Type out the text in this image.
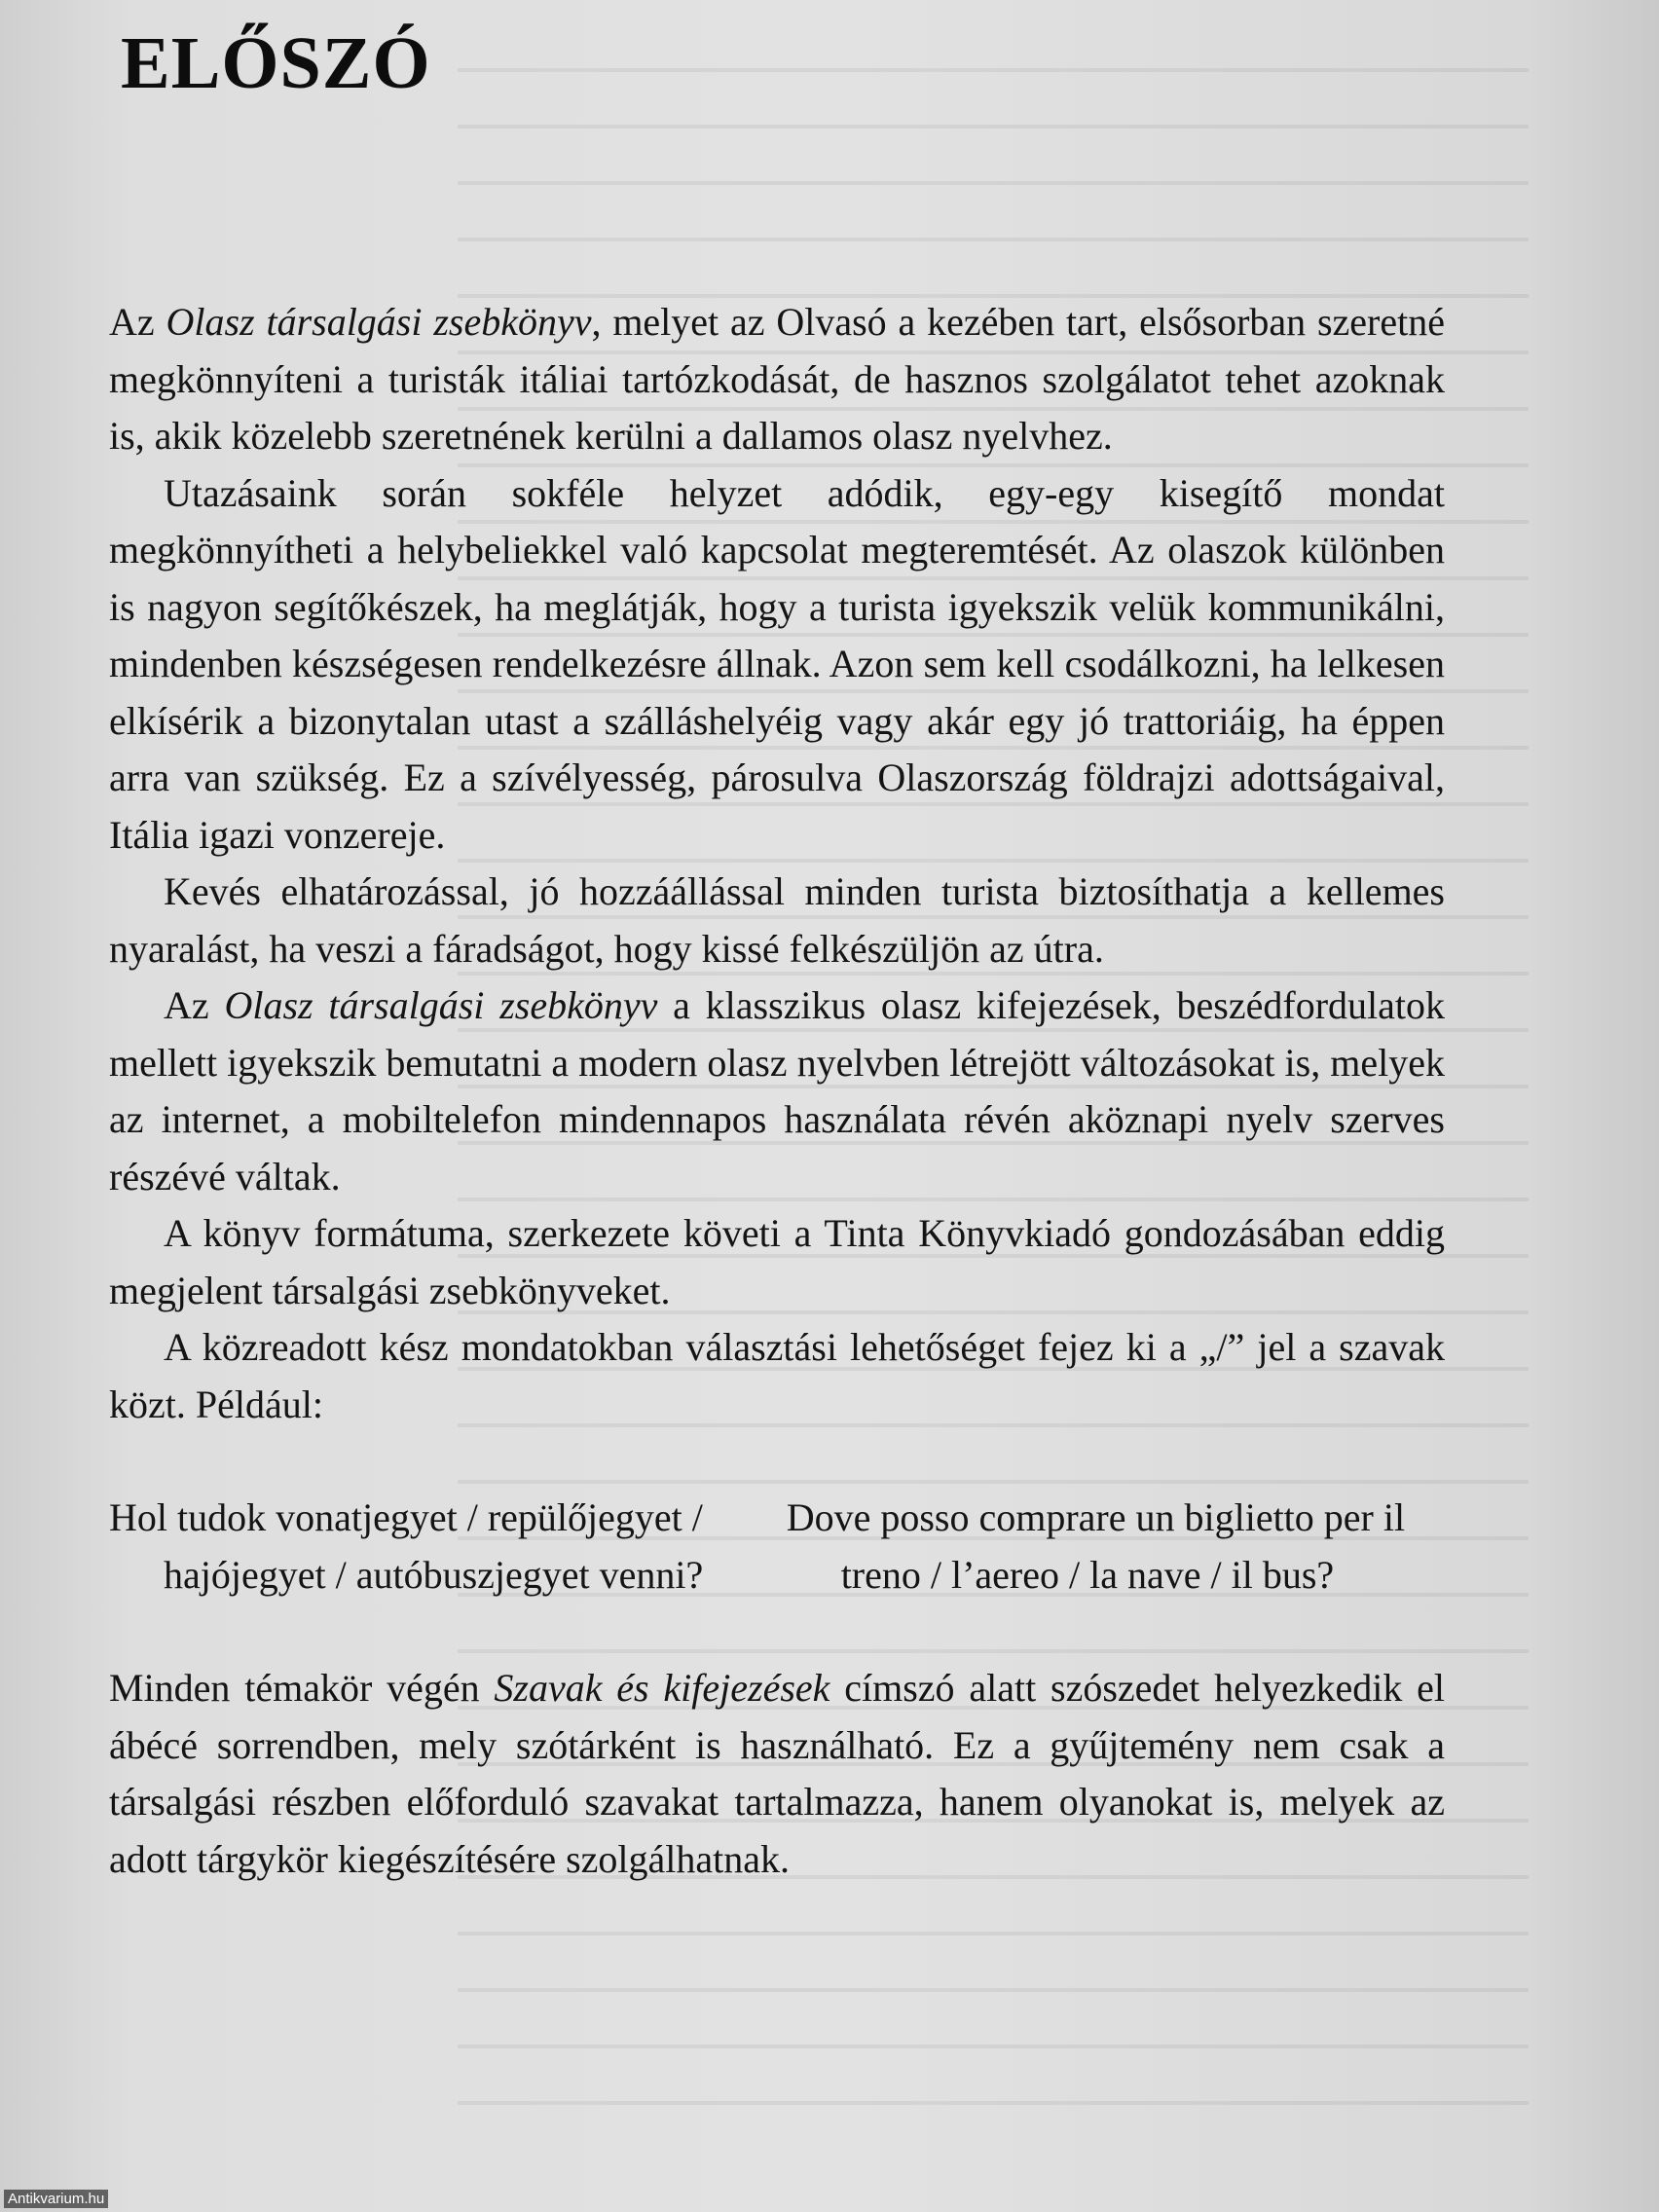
ELŐSZÓ

Az Olasz társalgási zsebkönyv, melyet az Olvasó a kezében tart, elsősorban szeretné megkönnyíteni a turisták itáliai tartózkodását, de hasznos szolgálatot tehet azoknak is, akik közelebb szeretnének kerülni a dallamos olasz nyelvhez.

Utazásaink során sokféle helyzet adódik, egy-egy kisegítő mondat megkönnyítheti a helybeliekkel való kapcsolat megteremtését. Az olaszok különben is nagyon segítőkészek, ha meglátják, hogy a turista igyekszik velük kommunikálni, mindenben készségesen rendelkezésre állnak. Azon sem kell csodálkozni, ha lelkesen elkísérik a bizonytalan utast a szálláshelyéig vagy akár egy jó trattoriáig, ha éppen arra van szükség. Ez a szívélyesség, párosulva Olaszország földrajzi adottságaival, Itália igazi vonzereje.

Kevés elhatározással, jó hozzáállással minden turista biztosíthatja a kellemes nyaralást, ha veszi a fáradságot, hogy kissé felkészüljön az útra.

Az Olasz társalgási zsebkönyv a klasszikus olasz kifejezések, beszédfordulatok mellett igyekszik bemutatni a modern olasz nyelvben létrejött változásokat is, melyek az internet, a mobiltelefon mindennapos használata révén aköznapi nyelv szerves részévé váltak.

A könyv formátuma, szerkezete követi a Tinta Könyvkiadó gondozásában eddig megjelent társalgási zsebkönyveket.

A közreadott kész mondatokban választási lehetőséget fejez ki a „/” jel a szavak közt. Például:

Hol tudok vonatjegyet / repülőjegyet / hajójegyet / autóbuszjegyet venni?
Dove posso comprare un biglietto per il treno / l’aereo / la nave / il bus?

Minden témakör végén Szavak és kifejezések címszó alatt szószedet helyezkedik el ábécé sorrendben, mely szótárként is használható. Ez a gyűjtemény nem csak a társalgási részben előforduló szavakat tartalmazza, hanem olyanokat is, melyek az adott tárgykör kiegészítésére szolgálhatnak.

Antikvarium.hu
